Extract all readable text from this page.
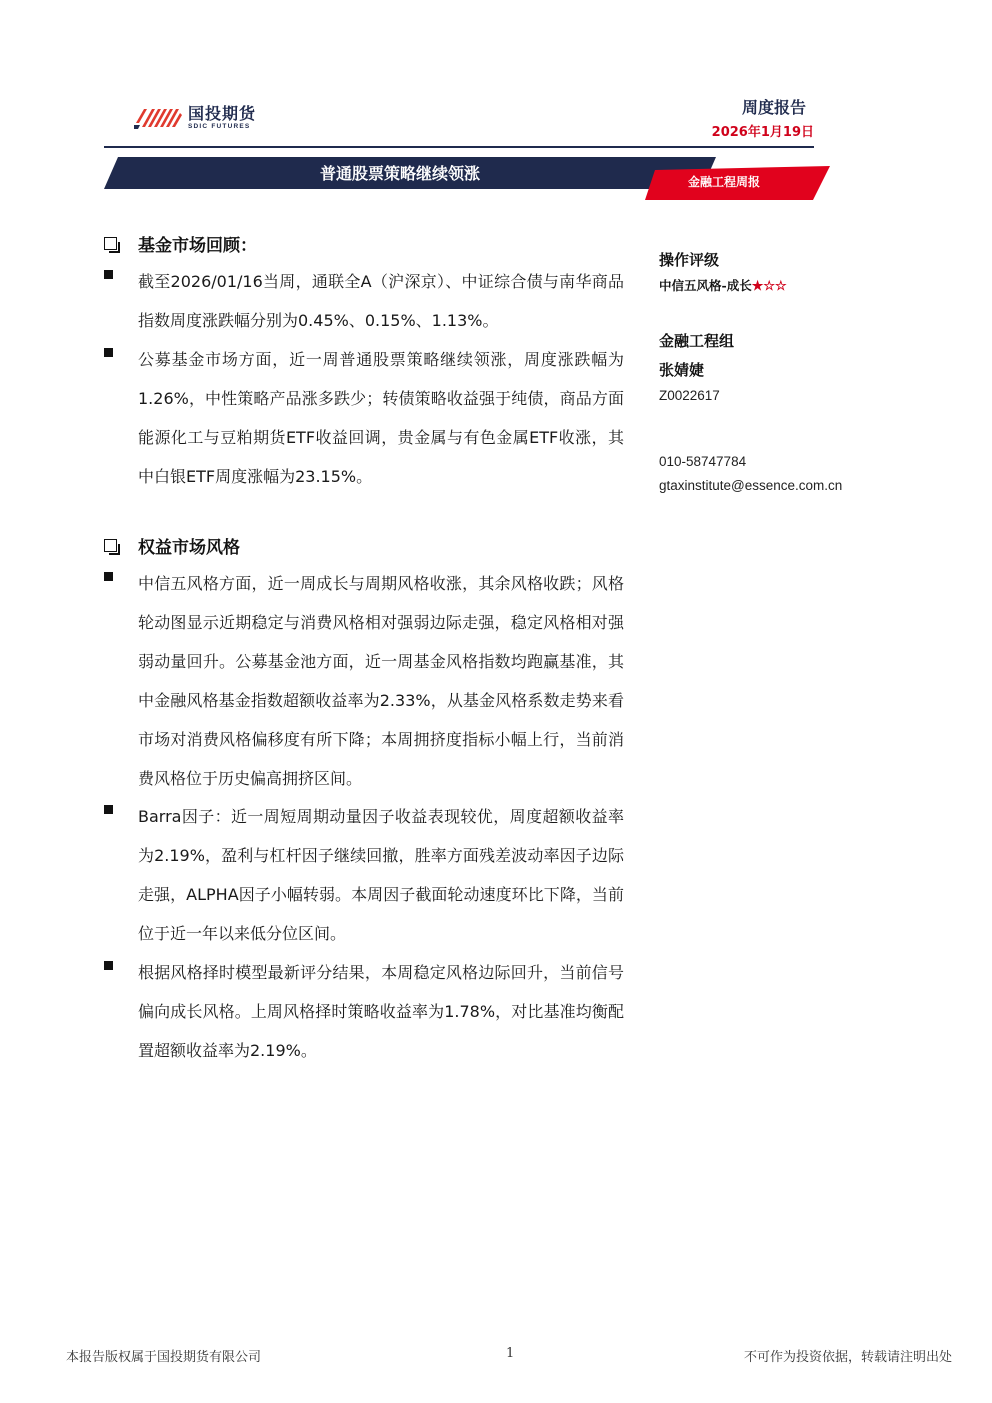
国投期货
SDIC FUTURES
周度报告
2026年1月19日
普通股票策略继续领涨	金融工程周报
基金市场回顾：
截至2026/01/16当周，通联全A（沪深京）、中证综合债与南华商品指数周度涨跌幅分别为0.45%、0.15%、1.13%。
公募基金市场方面，近一周普通股票策略继续领涨，周度涨跌幅为1.26%，中性策略产品涨多跌少；转债策略收益强于纯债，商品方面能源化工与豆粕期货ETF收益回调，贵金属与有色金属ETF收涨，其中白银ETF周度涨幅为23.15%。
权益市场风格
中信五风格方面，近一周成长与周期风格收涨，其余风格收跌；风格轮动图显示近期稳定与消费风格相对强弱边际走强，稳定风格相对强弱动量回升。公募基金池方面，近一周基金风格指数均跑赢基准，其中金融风格基金指数超额收益率为2.33%，从基金风格系数走势来看市场对消费风格偏移度有所下降；本周拥挤度指标小幅上行，当前消费风格位于历史偏高拥挤区间。
Barra因子：近一周短周期动量因子收益表现较优，周度超额收益率为2.19%，盈利与杠杆因子继续回撤，胜率方面残差波动率因子边际走强，ALPHA因子小幅转弱。本周因子截面轮动速度环比下降，当前位于近一年以来低分位区间。
根据风格择时模型最新评分结果，本周稳定风格边际回升，当前信号偏向成长风格。上周风格择时策略收益率为1.78%，对比基准均衡配置超额收益率为2.19%。
操作评级
中信五风格-成长★☆☆
金融工程组
张婧婕
Z0022617
010-58747784
gtaxinstitute@essence.com.cn
本报告版权属于国投期货有限公司	1	不可作为投资依据，转载请注明出处
